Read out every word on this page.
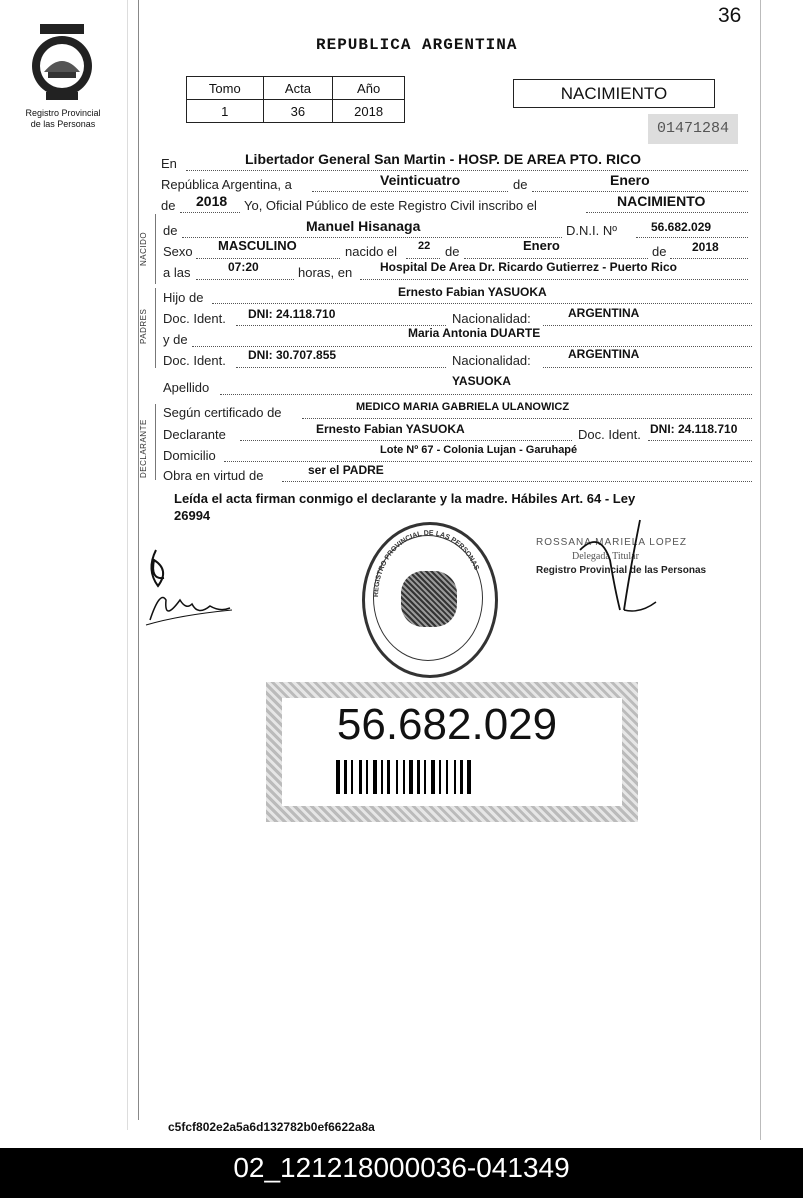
36
Registro Provincial
de las Personas
REPUBLICA ARGENTINA
Tomo	Acta	Año
1	36	2018
NACIMIENTO
01471284
NACIDO
PADRES
DECLARANTE
En	Libertador General San Martin - HOSP. DE AREA PTO. RICO
República Argentina, a	Veinticuatro	de	Enero
de 2018 Yo, Oficial Público de este Registro Civil inscribo el	NACIMIENTO
de	Manuel Hisanaga	D.N.I. Nº	56.682.029
Sexo MASCULINO	nacido el 22 de	Enero	de 2018
a las	07:20	horas, en Hospital De Area Dr. Ricardo Gutierrez - Puerto Rico
Hijo de	Ernesto Fabian YASUOKA
Doc. Ident. DNI: 24.118.710	Nacionalidad:	ARGENTINA
y de	Maria Antonia DUARTE
Doc. Ident. DNI: 30.707.855	Nacionalidad:	ARGENTINA
Apellido	YASUOKA
Según certificado de	MEDICO MARIA GABRIELA ULANOWICZ
Declarante	Ernesto Fabian YASUOKA	Doc. Ident. DNI: 24.118.710
Domicilio	Lote Nº 67 - Colonia Lujan - Garuhapé
Obra en virtud de	ser el PADRE
Leída el acta firman conmigo el declarante y la madre. Hábiles Art. 64 - Ley
26994
REGISTRO PROVINCIAL DE LAS PERSONAS
ROSSANA MARIELA LOPEZ
Delegada Titular
Registro Provincial de las Personas
56.682.029
c5fcf802e2a5a6d132782b0ef6622a8a
02_121218000036-041349
